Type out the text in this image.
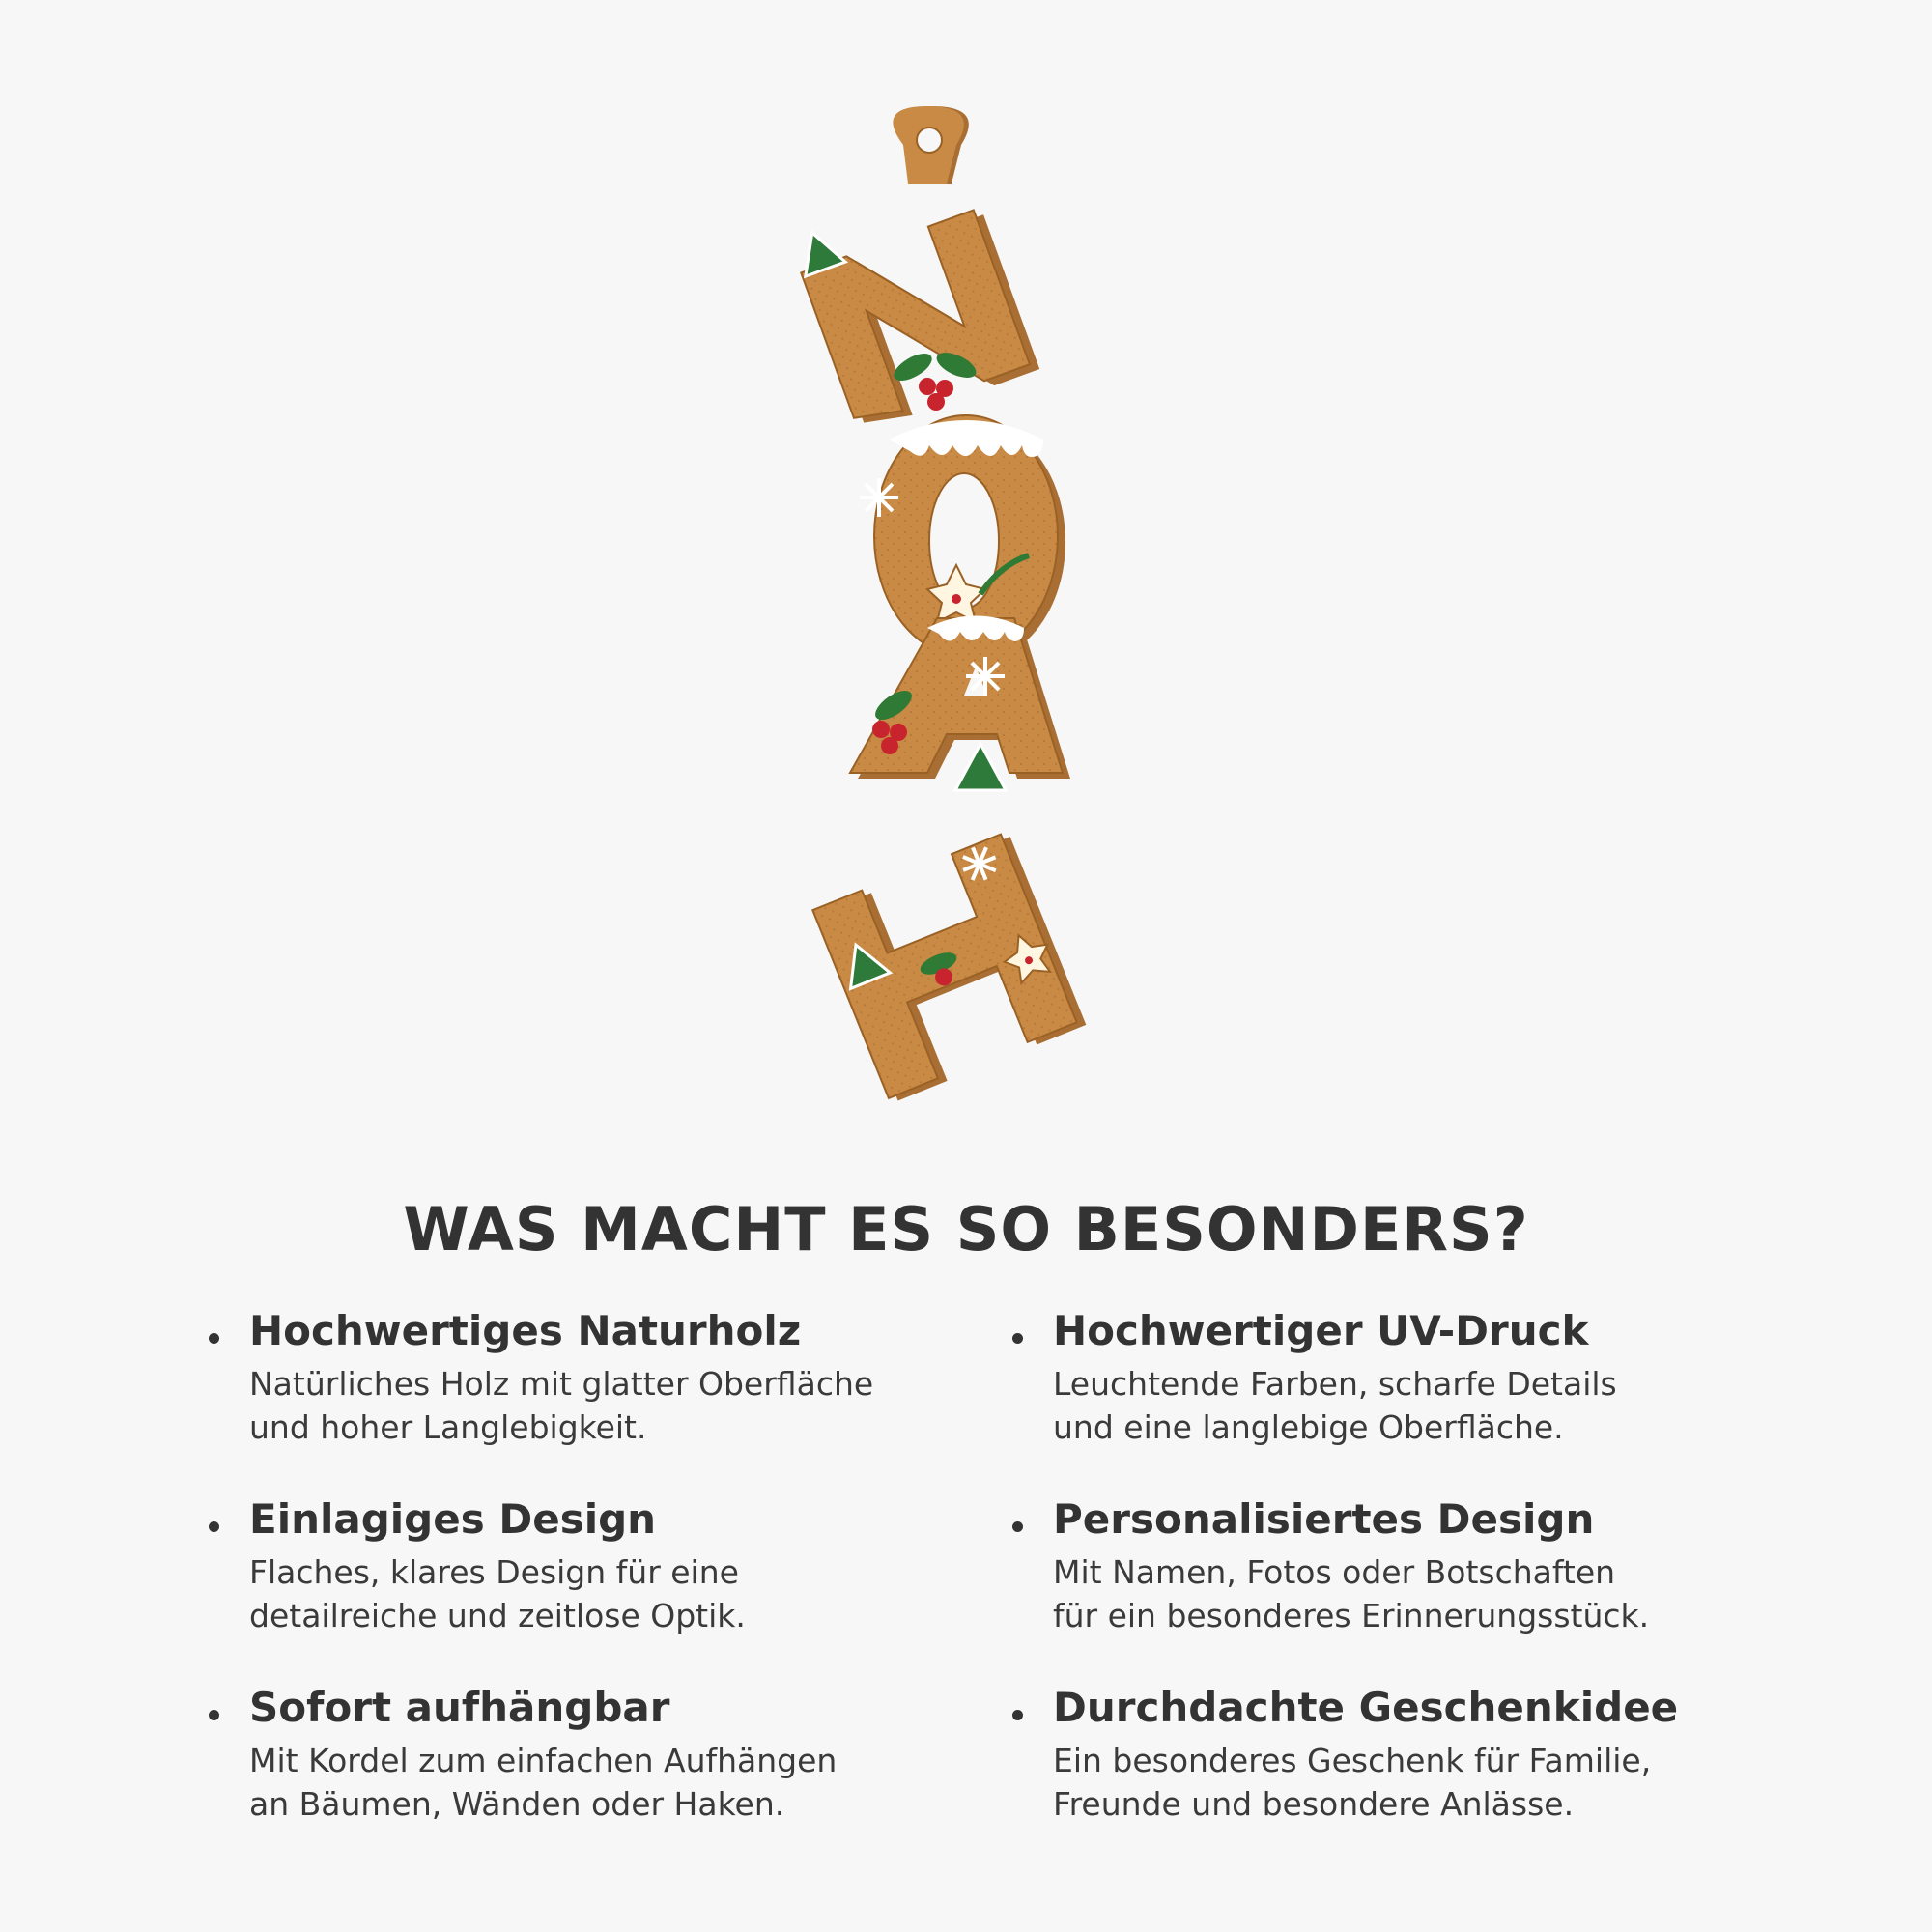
WAS MACHT ES SO BESONDERS?
Hochwertiges Naturholz
Natürliches Holz mit glatter Oberfläche
und hoher Langlebigkeit.
Hochwertiger UV-Druck
Leuchtende Farben, scharfe Details
und eine langlebige Oberfläche.
Einlagiges Design
Flaches, klares Design für eine
detailreiche und zeitlose Optik.
Personalisiertes Design
Mit Namen, Fotos oder Botschaften
für ein besonderes Erinnerungsstück.
Sofort aufhängbar
Mit Kordel zum einfachen Aufhängen
an Bäumen, Wänden oder Haken.
Durchdachte Geschenkidee
Ein besonderes Geschenk für Familie,
Freunde und besondere Anlässe.
